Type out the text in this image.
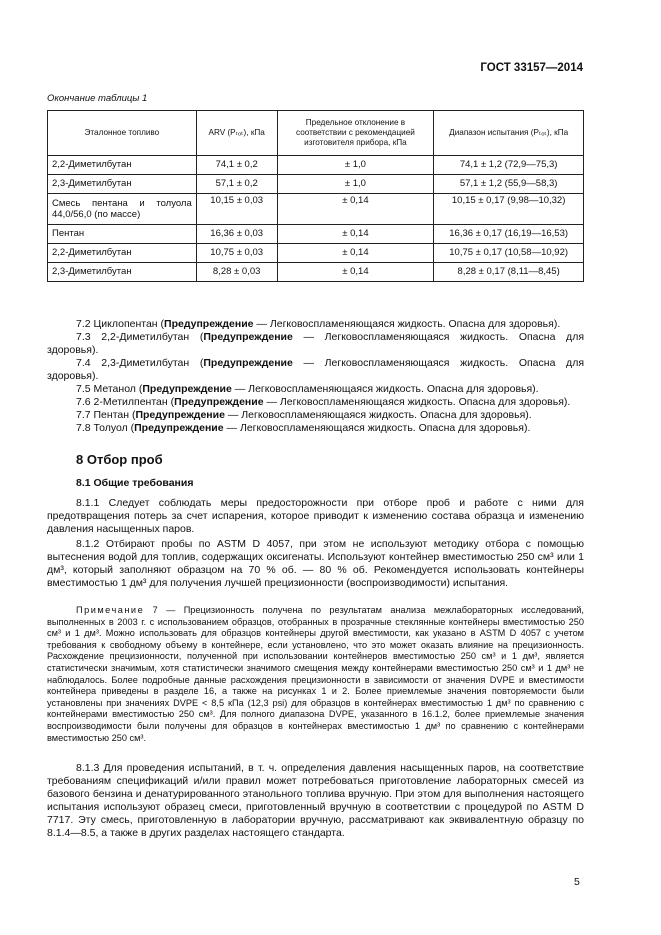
ГОСТ 33157—2014
Окончание таблицы 1
Эталонное топливо	ARV (Pₜₒₜ), кПа	Предельное отклонение в соответствии с рекомендацией изготовителя прибора, кПа	Диапазон испытания (Pₜₒₜ), кПа
2,2-Диметилбутан	74,1 ± 0,2	± 1,0	74,1 ± 1,2 (72,9—75,3)
2,3-Диметилбутан	57,1 ± 0,2	± 1,0	57,1 ± 1,2 (55,9—58,3)
Смесь пентана и толуола 44,0/56,0 (по массе)	10,15 ± 0,03	± 0,14	10,15 ± 0,17 (9,98—10,32)
Пентан	16,36 ± 0,03	± 0,14	16,36 ± 0,17 (16,19—16,53)
2,2-Диметилбутан	10,75 ± 0,03	± 0,14	10,75 ± 0,17 (10,58—10,92)
2,3-Диметилбутан	8,28 ± 0,03	± 0,14	8,28 ± 0,17 (8,11—8,45)

7.2 Циклопентан (Предупреждение — Легковоспламеняющаяся жидкость. Опасна для здоровья).

7.3 2,2-Диметилбутан (Предупреждение — Легковоспламеняющаяся жидкость. Опасна для здоровья).

7.4 2,3-Диметилбутан (Предупреждение — Легковоспламеняющаяся жидкость. Опасна для здоровья).

7.5 Метанол (Предупреждение — Легковоспламеняющаяся жидкость. Опасна для здоровья).

7.6 2-Метилпентан (Предупреждение — Легковоспламеняющаяся жидкость. Опасна для здоровья).

7.7 Пентан (Предупреждение — Легковоспламеняющаяся жидкость. Опасна для здоровья).

7.8 Толуол (Предупреждение — Легковоспламеняющаяся жидкость. Опасна для здоровья).

8 Отбор проб
8.1 Общие требования

8.1.1 Следует соблюдать меры предосторожности при отборе проб и работе с ними для предотвращения потерь за счет испарения, которое приводит к изменению состава образца и изменению давления насыщенных паров.

8.1.2 Отбирают пробы по ASTM D 4057, при этом не используют методику отбора с помощью вытеснения водой для топлив, содержащих оксигенаты. Используют контейнер вместимостью 250 см³ или 1 дм³, который заполняют образцом на 70 % об. — 80 % об. Рекомендуется использовать контейнеры вместимостью 1 дм³ для получения лучшей прецизионности (воспроизводимости) испытания.

Примечание 7 — Прецизионность получена по результатам анализа межлабораторных исследований, выполненных в 2003 г. с использованием образцов, отобранных в прозрачные стеклянные контейнеры вместимостью 250 см³ и 1 дм³. Можно использовать для образцов контейнеры другой вместимости, как указано в ASTM D 4057 с учетом требования к свободному объему в контейнере, если установлено, что это может оказать влияние на прецизионность. Расхождение прецизионности, полученной при использовании контейнеров вместимостью 250 см³ и 1 дм³, является статистически значимым, хотя статистически значимого смещения между контейнерами вместимостью 250 см³ и 1 дм³ не наблюдалось. Более подробные данные расхождения прецизионности в зависимости от значения DVPE и вместимости контейнера приведены в разделе 16, а также на рисунках 1 и 2. Более приемлемые значения повторяемости были установлены при значениях DVPE < 8,5 кПа (12,3 psi) для образцов в контейнерах вместимостью 1 дм³ по сравнению с контейнерами вместимостью 250 см³. Для полного диапазона DVPE, указанного в 16.1.2, более приемлемые значения воспроизводимости были получены для образцов в контейнерах вместимостью 1 дм³ по сравнению с контейнерами вместимостью 250 см³.

8.1.3 Для проведения испытаний, в т. ч. определения давления насыщенных паров, на соответствие требованиям спецификаций и/или правил может потребоваться приготовление лабораторных смесей из базового бензина и денатурированного этанольного топлива вручную. При этом для выполнения настоящего испытания используют образец смеси, приготовленный вручную в соответствии с процедурой по ASTM D 7717. Эту смесь, приготовленную в лаборатории вручную, рассматривают как эквивалентную образцу по 8.1.4—8.5, а также в других разделах настоящего стандарта.

5
